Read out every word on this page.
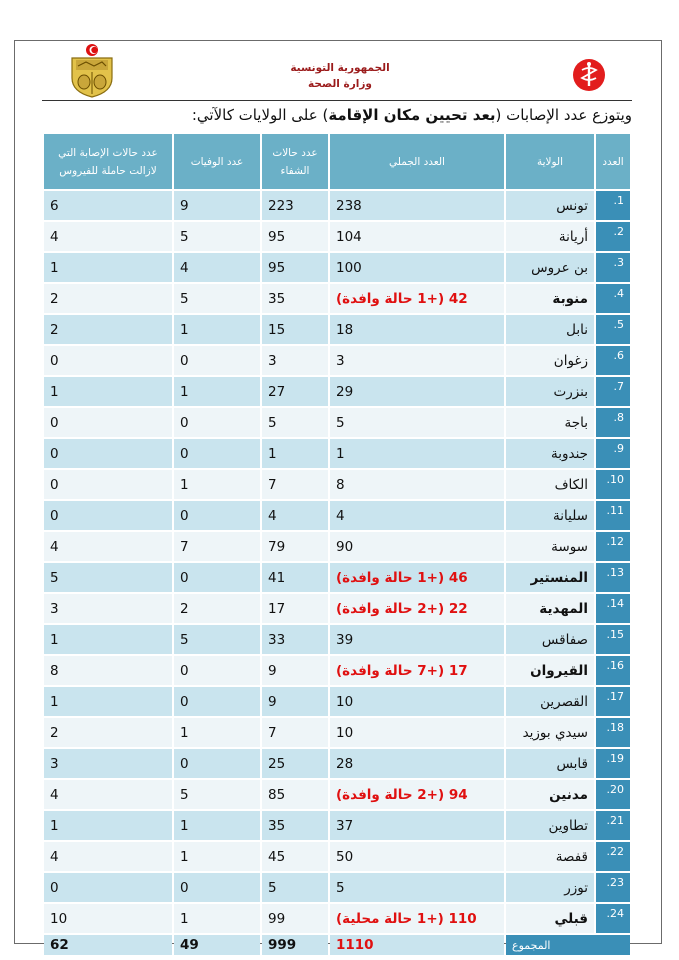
الجمهورية التونسية
وزارة الصحة
ويتوزع عدد الإصابات (بعد تحيين مكان الإقامة) على الولايات كالآتي:
العدد	الولاية	العدد الجملي	عدد حالات الشفاء	عدد الوفيات	عدد حالات الإصابة التي لازالت حاملة للفيروس
1.	تونس	238	223	9	6
2.	أريانة	104	95	5	4
3.	بن عروس	100	95	4	1
4.	منوبة	42 (+1 حالة وافدة)	35	5	2
5.	نابل	18	15	1	2
6.	زغوان	3	3	0	0
7.	بنزرت	29	27	1	1
8.	باجة	5	5	0	0
9.	جندوبة	1	1	0	0
10.	الكاف	8	7	1	0
11.	سليانة	4	4	0	0
12.	سوسة	90	79	7	4
13.	المنستير	46 (+1 حالة وافدة)	41	0	5
14.	المهدية	22 (+2 حالة وافدة)	17	2	3
15.	صفاقس	39	33	5	1
16.	القيروان	17 (+7 حالة وافدة)	9	0	8
17.	القصرين	10	9	0	1
18.	سيدي بوزيد	10	7	1	2
19.	قابس	28	25	0	3
20.	مدنين	94 (+2 حالة وافدة)	85	5	4
21.	تطاوين	37	35	1	1
22.	قفصة	50	45	1	4
23.	توزر	5	5	0	0
24.	قبلي	110 (+1 حالة محلية)	99	1	10
المجموع		1110	999	49	62
